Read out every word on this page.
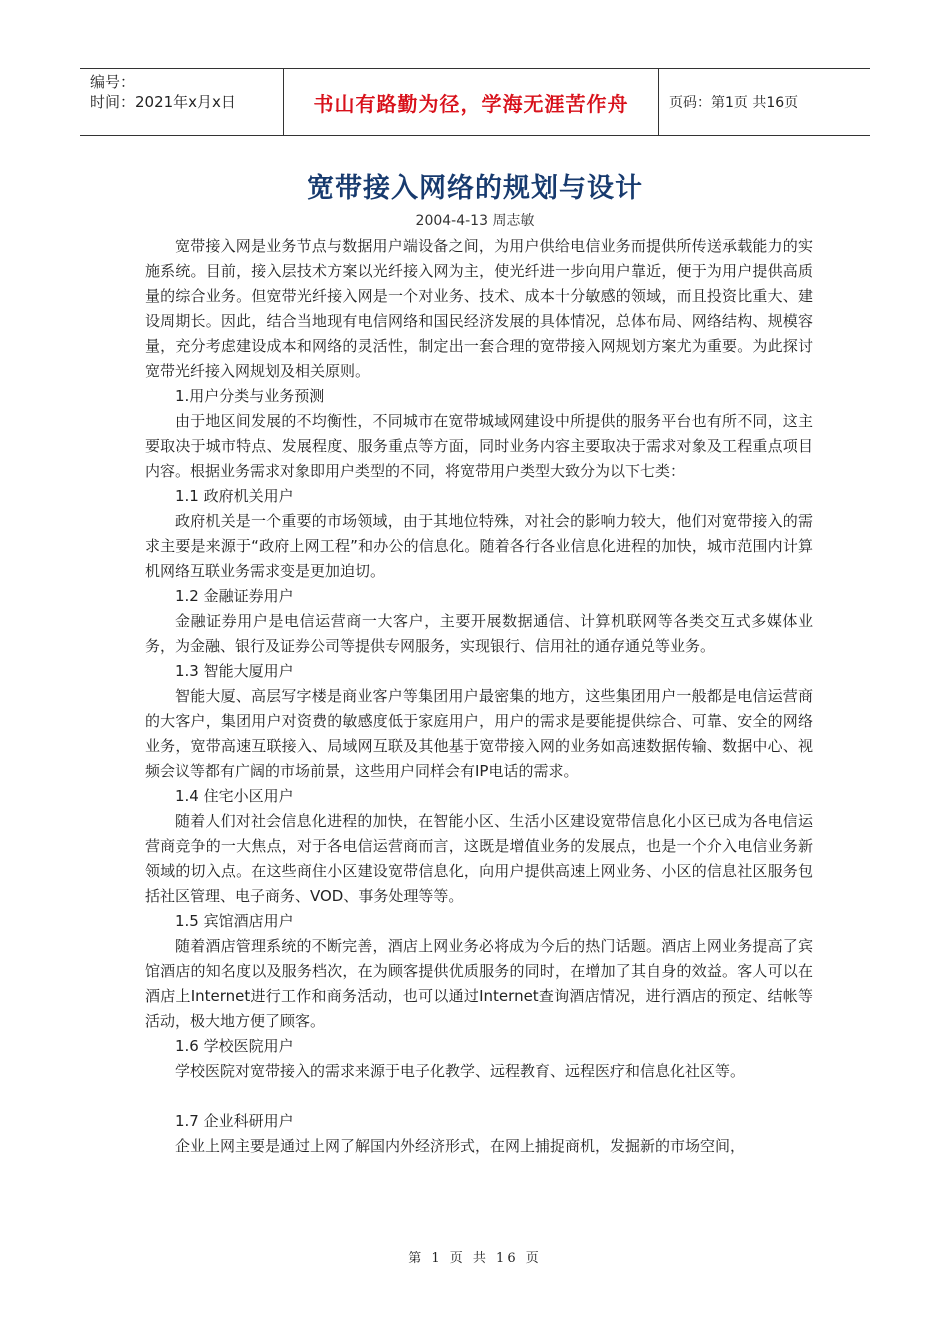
编号：
时间：2021年x月x日	书山有路勤为径，学海无涯苦作舟	页码：第1页 共16页
宽带接入网络的规划与设计
2004-4-13 周志敏

宽带接入网是业务节点与数据用户端设备之间，为用户供给电信业务而提供所传送承载能力的实施系统。目前，接入层技术方案以光纤接入网为主，使光纤进一步向用户靠近，便于为用户提供高质量的综合业务。但宽带光纤接入网是一个对业务、技术、成本十分敏感的领域，而且投资比重大、建设周期长。因此，结合当地现有电信网络和国民经济发展的具体情况，总体布局、网络结构、规模容量，充分考虑建设成本和网络的灵活性，制定出一套合理的宽带接入网规划方案尤为重要。为此探讨宽带光纤接入网规划及相关原则。

1.用户分类与业务预测

由于地区间发展的不均衡性，不同城市在宽带城域网建设中所提供的服务平台也有所不同，这主要取决于城市特点、发展程度、服务重点等方面，同时业务内容主要取决于需求对象及工程重点项目内容。根据业务需求对象即用户类型的不同，将宽带用户类型大致分为以下七类：

1.1 政府机关用户

政府机关是一个重要的市场领域，由于其地位特殊，对社会的影响力较大，他们对宽带接入的需求主要是来源于“政府上网工程”和办公的信息化。随着各行各业信息化进程的加快，城市范围内计算机网络互联业务需求变是更加迫切。

1.2 金融证券用户

金融证券用户是电信运营商一大客户，主要开展数据通信、计算机联网等各类交互式多媒体业务，为金融、银行及证券公司等提供专网服务，实现银行、信用社的通存通兑等业务。

1.3 智能大厦用户

智能大厦、高层写字楼是商业客户等集团用户最密集的地方，这些集团用户一般都是电信运营商的大客户，集团用户对资费的敏感度低于家庭用户，用户的需求是要能提供综合、可靠、安全的网络业务，宽带高速互联接入、局域网互联及其他基于宽带接入网的业务如高速数据传输、数据中心、视频会议等都有广阔的市场前景，这些用户同样会有IP电话的需求。

1.4 住宅小区用户

随着人们对社会信息化进程的加快，在智能小区、生活小区建设宽带信息化小区已成为各电信运营商竞争的一大焦点，对于各电信运营商而言，这既是增值业务的发展点，也是一个介入电信业务新领域的切入点。在这些商住小区建设宽带信息化，向用户提供高速上网业务、小区的信息社区服务包括社区管理、电子商务、VOD、事务处理等等。

1.5 宾馆酒店用户

随着酒店管理系统的不断完善，酒店上网业务必将成为今后的热门话题。酒店上网业务提高了宾馆酒店的知名度以及服务档次，在为顾客提供优质服务的同时，在增加了其自身的效益。客人可以在酒店上Internet进行工作和商务活动，也可以通过Internet查询酒店情况，进行酒店的预定、结帐等活动，极大地方便了顾客。

1.6 学校医院用户

学校医院对宽带接入的需求来源于电子化教学、远程教育、远程医疗和信息化社区等。

1.7 企业科研用户

企业上网主要是通过上网了解国内外经济形式，在网上捕捉商机，发掘新的市场空间，

第 1 页 共 16 页
